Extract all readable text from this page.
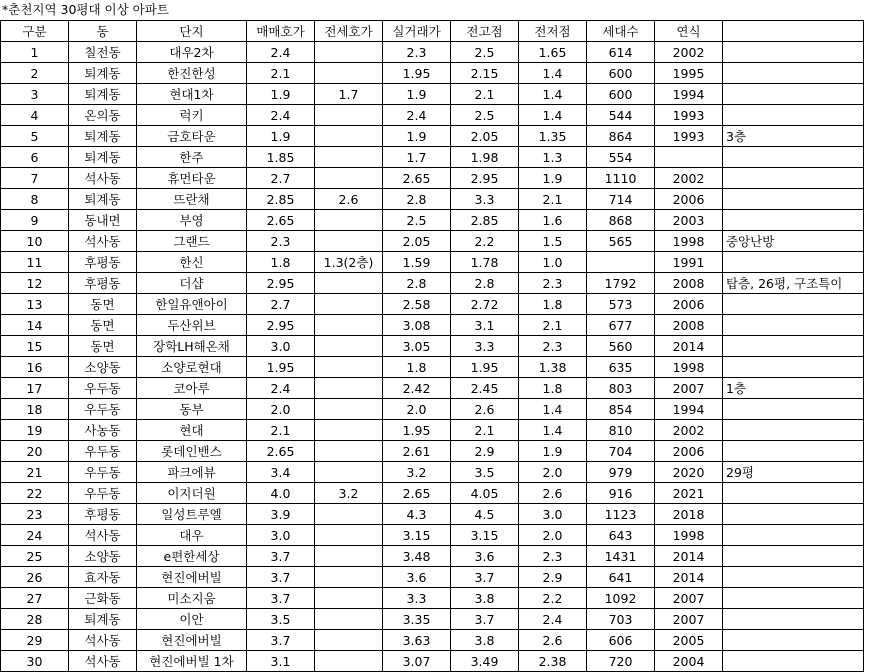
*춘천지역 30평대 이상 아파트
구분	동	단지	매매호가	전세호가	실거래가	전고점	전저점	세대수	연식	
1	칠전동	대우2차	2.4		2.3	2.5	1.65	614	2002	
2	퇴계동	한진한성	2.1		1.95	2.15	1.4	600	1995	
3	퇴계동	현대1차	1.9	1.7	1.9	2.1	1.4	600	1994	
4	온의동	럭키	2.4		2.4	2.5	1.4	544	1993	
5	퇴계동	금호타운	1.9		1.9	2.05	1.35	864	1993	3층
6	퇴계동	한주	1.85		1.7	1.98	1.3	554		
7	석사동	휴먼타운	2.7		2.65	2.95	1.9	1110	2002	
8	퇴계동	뜨란채	2.85	2.6	2.8	3.3	2.1	714	2006	
9	동내면	부영	2.65		2.5	2.85	1.6	868	2003	
10	석사동	그랜드	2.3		2.05	2.2	1.5	565	1998	중앙난방
11	후평동	한신	1.8	1.3(2층)	1.59	1.78	1.0		1991	
12	후평동	더샵	2.95		2.8	2.8	2.3	1792	2008	탑층, 26평, 구조특이
13	동면	한일유앤아이	2.7		2.58	2.72	1.8	573	2006	
14	동면	두산위브	2.95		3.08	3.1	2.1	677	2008	
15	동면	장학LH해온채	3.0		3.05	3.3	2.3	560	2014	
16	소양동	소양로현대	1.95		1.8	1.95	1.38	635	1998	
17	우두동	코아루	2.4		2.42	2.45	1.8	803	2007	1층
18	우두동	동부	2.0		2.0	2.6	1.4	854	1994	
19	사농동	현대	2.1		1.95	2.1	1.4	810	2002	
20	우두동	롯데인밴스	2.65		2.61	2.9	1.9	704	2006	
21	우두동	파크에뷰	3.4		3.2	3.5	2.0	979	2020	29평
22	우두동	이지더원	4.0	3.2	2.65	4.05	2.6	916	2021	
23	후평동	일성트루엘	3.9		4.3	4.5	3.0	1123	2018	
24	석사동	대우	3.0		3.15	3.15	2.0	643	1998	
25	소양동	e편한세상	3.7		3.48	3.6	2.3	1431	2014	
26	효자동	현진에버빌	3.7		3.6	3.7	2.9	641	2014	
27	근화동	미소지움	3.7		3.3	3.8	2.2	1092	2007	
28	퇴계동	이안	3.5		3.35	3.7	2.4	703	2007	
29	석사동	현진에버빌	3.7		3.63	3.8	2.6	606	2005	
30	석사동	현진에버빌 1차	3.1		3.07	3.49	2.38	720	2004	
